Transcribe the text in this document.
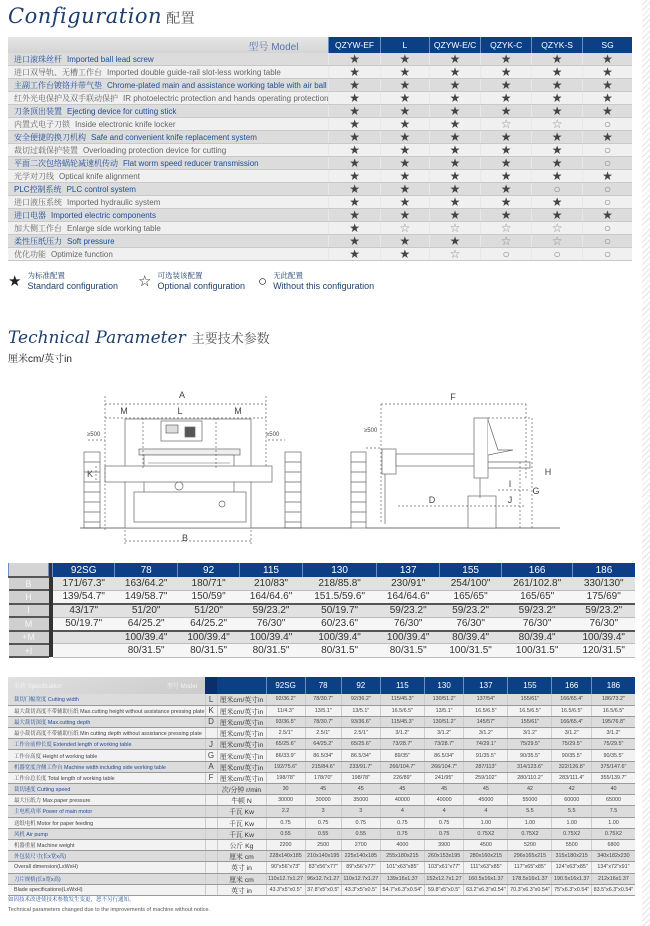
Configuration 配置
型号 Model	QZYW-EF	L	QZYW-E/C	QZYK-C	QZYK-S	SG
进口滚珠丝杆 Imported ball lead screw	★	★	★	★	★	★
进口双导轨、无槽工作台 Imported double guide-rail slot-less working table	★	★	★	★	★	★
主副工作台镀铬并带气垫 Chrome-plated main and assistance working table with air ball	★	★	★	★	★	★
红外光电保护及双手联动保护 IR photoelectric protection and hands operating protection	★	★	★	★	★	★
刀条顶出装置 Ejecting device for cutting stick	★	★	★	★	★	★
内置式电子刀锁 Inside electronic knife locker	★	★	★	☆	☆	○
安全便捷的换刀机构 Safe and convenient knife replacement system	★	★	★	★	★	★
裁切过载保护装置 Overloading protection device for cutting	★	★	★	★	★	○
平面二次包络蜗轮减速机传动 Flat worm speed reducer transmission	★	★	★	★	★	○
光学对刀线 Optical knife alignment	★	★	★	★	★	★
PLC控制系统 PLC control system	★	★	★	★	○	○
进口液压系统 Imported hydraulic system	★	★	★	★	★	○
进口电器 Imported electric components	★	★	★	★	★	★
加大侧工作台 Enlarge side working table	★	☆	☆	☆	☆	○
柔性压纸压力 Soft pressure	★	★	★	☆	☆	○
优化功能 Optimize function	★	★	☆	○	○	○
★ 为标准配置
Standard configuration ☆ 可选装该配置
Optional configuration ○ 无此配置
Without this configuration
Technical Parameter 主要技术参数
厘米cm/英寸in
A
M	L	M
K
B
≥500	≥500
F
D
I
J
G
H
≥500
		92SG	78	92	115	130	137	155	166	186
B		171/67.3"	163/64.2"	180/71"	210/83"	218/85.8"	230/91"	254/100"	261/102.8"	330/130"
H		139/54.7"	149/58.7"	150/59"	164/64.6"	151.5/59.6"	164/64.6"	165/65"	165/65"	175/69"
I		43/17"	51/20"	51/20"	59/23.2"	50/19.7"	59/23.2"	59/23.2"	59/23.2"	59/23.2"
M		50/19.7"	64/25.2"	64/25.2"	76/30"	60/23.6"	76/30"	76/30"	76/30"	76/30"
+M			100/39.4"	100/39.4"	100/39.4"	100/39.4"	100/39.4"	80/39.4"	80/39.4"	100/39.4"
+I			80/31.5"	80/31.5"	80/31.5"	80/31.5"	80/31.5"	100/31.5"	100/31.5"	120/31.5"
型号 Model
名称 Specification			92SG	78	92	115	130	137	155	166	186
裁切门幅宽度 Cutting width	L	厘米cm/英寸in	92/36.2"	78/30.7"	92/36.2"	115/45.3"	130/51.2"	137/54"	155/61"	166/65.4"	186/73.2"
最大裁切高度不带辅助压纸 Max.cutting height without assistance pressing plate	K	厘米cm/英寸in	11/4.3"	13/5.1"	13/5.1"	16.5/6.5"	13/5.1"	16.5/6.5"	16.5/6.5"	16.5/6.5"	16.5/6.5"
最大裁切深度 Max.cutting depth	D	厘米cm/英寸in	93/36.5"	78/30.7"	93/36.6"	115/45.3"	130/51.2"	145/57"	155/61"	166/65.4"	195/76.8"
最小裁切高度不带辅助压纸 Min cutting depth without assistance pressing plate		厘米cm/英寸in	2.5/1"	2.5/1"	2.5/1"	3/1.2"	3/1.2"	3/1.2"	3/1.2"	3/1.2"	3/1.2"
工作台前伸长度 Extended length of working table	J	厘米cm/英寸in	65/25.6"	64/25.2"	65/25.6"	73/28.7"	73/28.7"	74/29.1"	75/29.5"	75/29.5"	75/29.5"
工作台高度 Height of working table	G	厘米cm/英寸in	86/33.9"	86.5/34"	86.5/34"	89/35"	86.5/34"	91/35.5"	90/35.5"	90/35.5"	90/35.5"
机器宽度含侧工作台 Machine width including side working table	A	厘米cm/英寸in	192/75.6"	215/84.6"	233/91.7"	266/104.7"	266/104.7"	287/113"	314/123.6"	322/126.8"	375/147.6"
工作台总长度 Total length of working table	F	厘米cm/英寸in	198/78"	178/70"	198/78"	226/89"	241/95"	259/102"	280/110.2"	283/111.4"	355/139.7"
裁切速度 Cutting speed		次/分钟 r/min	30	45	45	45	45	45	42	42	40
最大压纸力 Max.paper pressure		牛顿 N	30000	30000	35000	40000	40000	45000	55000	60000	65000
主电机功率 Power of main motor		千瓦 Kw	2.2	3	3	4	4	4	5.5	5.5	7.5
送纸电机 Motor for paper feeding		千瓦 Kw	0.75	0.75	0.75	0.75	0.75	1.00	1.00	1.00	1.00
风机 Air pump		千瓦 Kw	0.55	0.55	0.55	0.75	0.75	0.75X2	0.75X2	0.75X2	0.75X2
机器重量 Machine weight		公斤 Kg	2200	2500	2700	4000	3900	4500	5200	5500	6800
外包装尺寸(长x宽x高)		厘米 cm	228x140x185	210x140x195	225x140x185	255x180x215	260x153x195	280x160x215	296x165x215	315x180x215	340x182x230
Overall dimension(LxWxH)		英寸 in	90"x56"x73"	83"x56"x77"	89"x56"x77"	101"x63"x85"	103"x61"x77"	111"x63"x85"	117"x65"x85"	124"x63"x85"	134"x72"x91"
刀片规格(长x宽x高)		厘米 cm	110x12.7x1.27	96x12.7x1.27	110x12.7x1.27	139x16x1.37	152x12.7x1.27	160.5x16x1.37	178.5x16x1.37	190.5x16x1.37	212x16x1.37
Blade specifications(LxWxH)		英寸 in	43.3"x5"x0.5"	37.8"x5"x0.5"	43.3"x5"x0.5"	54.7"x6.3"x0.54"	59.8"x5"x0.5"	63.2"x6.3"x0.54"	70.3"x6.3"x0.54"	75"x6.3"x0.54"	83.5"x6.3"x0.54"
如因技术改进使技术参数发生变更，恕不另行通知。
Technical parameters changed due to the improvements of machine without notice.
